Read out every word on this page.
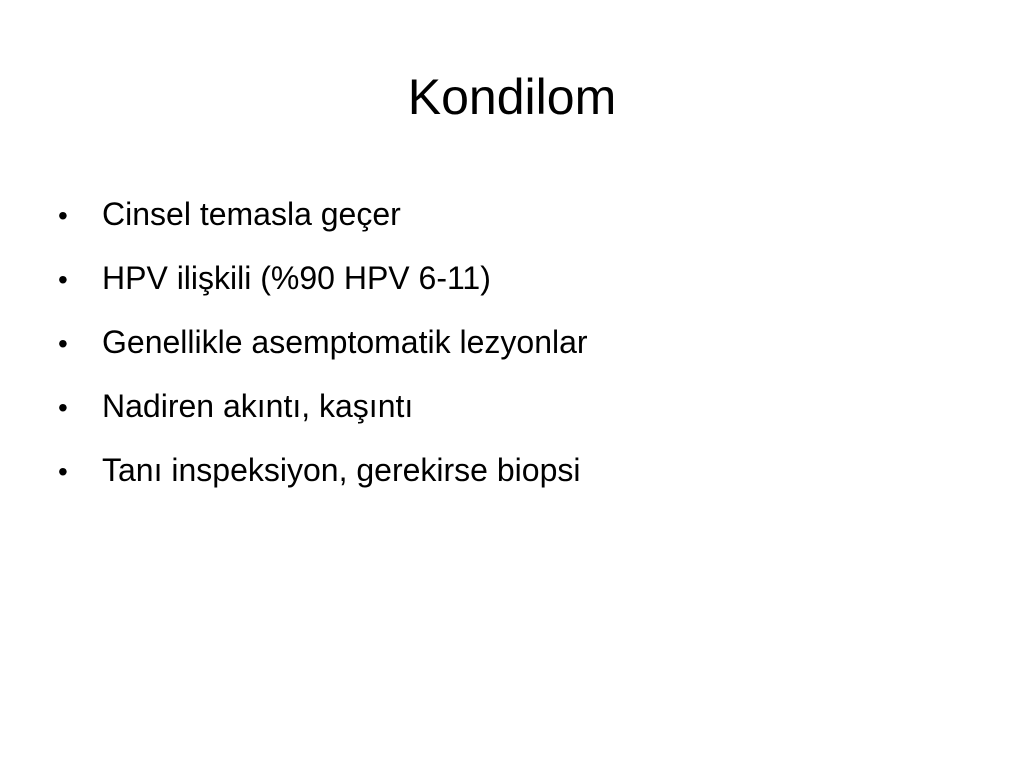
Kondilom
•	Cinsel temasla geçer
•	HPV ilişkili (%90 HPV 6-11)
•	Genellikle asemptomatik lezyonlar
•	Nadiren akıntı, kaşıntı
•	Tanı inspeksiyon, gerekirse biopsi
